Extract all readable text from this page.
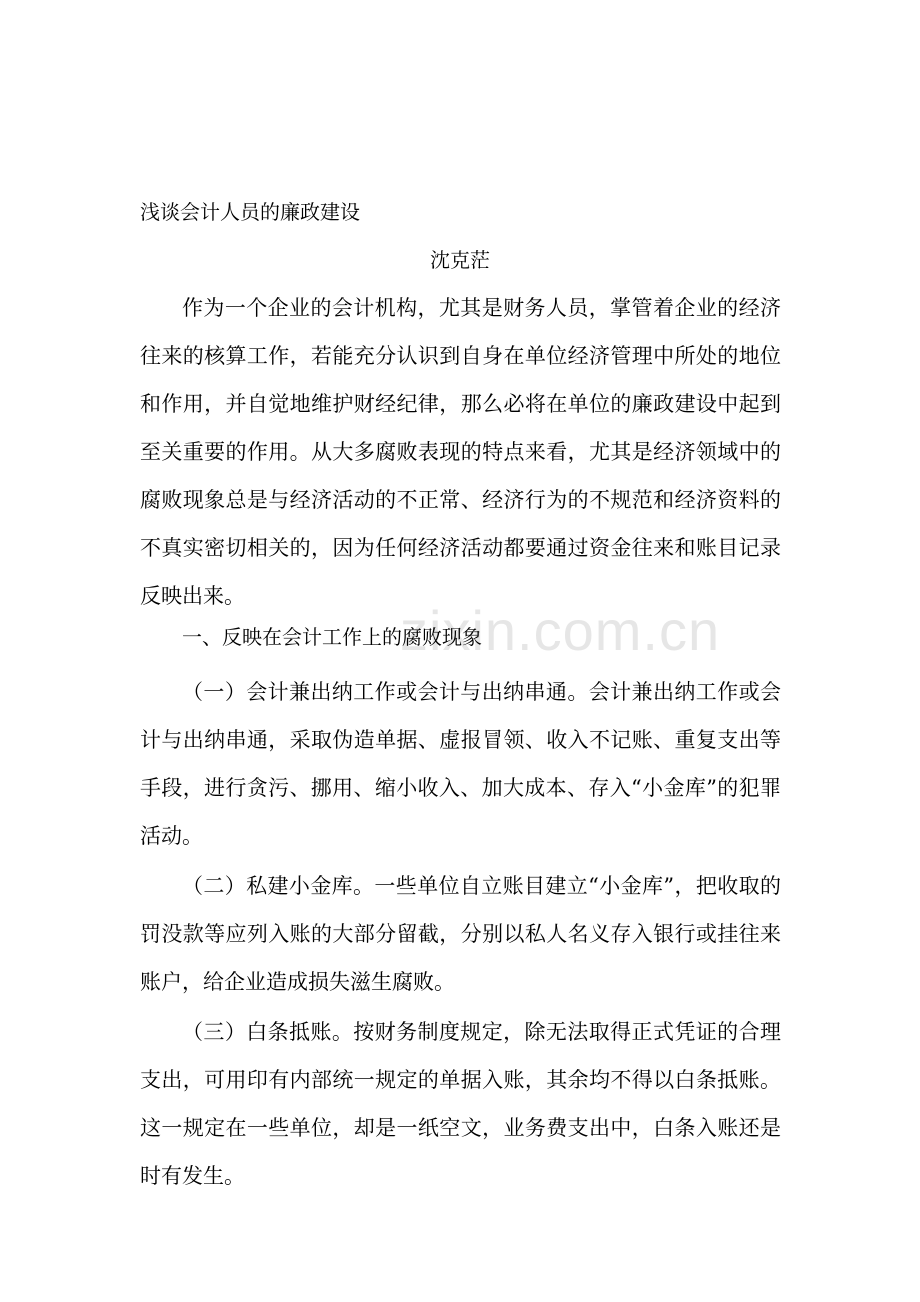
zixin.com.cn
浅谈会计人员的廉政建设
沈克茫

作为一个企业的会计机构，尤其是财务人员，掌管着企业的经济往来的核算工作，若能充分认识到自身在单位经济管理中所处的地位和作用，并自觉地维护财经纪律，那么必将在单位的廉政建设中起到至关重要的作用。从大多腐败表现的特点来看，尤其是经济领域中的腐败现象总是与经济活动的不正常、经济行为的不规范和经济资料的不真实密切相关的，因为任何经济活动都要通过资金往来和账目记录反映出来。

一、反映在会计工作上的腐败现象

（一）会计兼出纳工作或会计与出纳串通。会计兼出纳工作或会计与出纳串通，采取伪造单据、虚报冒领、收入不记账、重复支出等手段，进行贪污、挪用、缩小收入、加大成本、存入“小金库”的犯罪活动。

（二）私建小金库。一些单位自立账目建立“小金库”，把收取的罚没款等应列入账的大部分留截，分别以私人名义存入银行或挂往来账户，给企业造成损失滋生腐败。

（三）白条抵账。按财务制度规定，除无法取得正式凭证的合理支出，可用印有内部统一规定的单据入账，其余均不得以白条抵账。这一规定在一些单位，却是一纸空文，业务费支出中，白条入账还是时有发生。
